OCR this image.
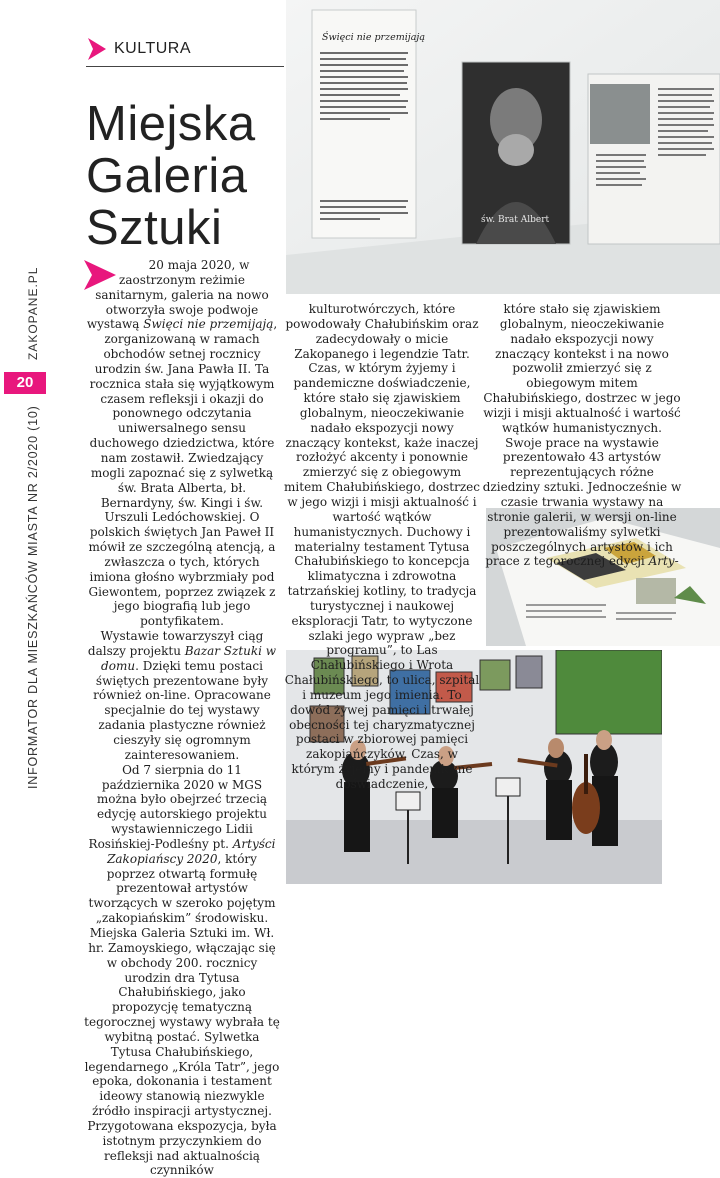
KULTURA
Miejska
Galeria
Sztuki
ZAKOPANE.PL
20
INFORMATOR DLA MIESZKAŃCÓW MIASTA NR 2/2020 (10)
Święci nie przemijają
św. Brat Albert

20 maja 2020, w zaostrzonym reżimie sanitarnym, galeria na nowo otworzyła swoje podwoje wystawą Święci nie przemijają, zorganizowaną w ramach obchodów setnej rocznicy urodzin św. Jana Pawła II. Ta rocznica stała się wyjątkowym czasem refleksji i okazji do ponownego odczytania uniwersalnego sensu duchowego dziedzictwa, które nam zostawił. Zwiedzający mogli zapoznać się z sylwetką św. Brata Alberta, bł. Bernardyny, św. Kingi i św. Urszuli Ledóchowskiej. O polskich świętych Jan Paweł II mówił ze szczególną atencją, a zwłaszcza o tych, których imiona głośno wybrzmiały pod Giewontem, poprzez związek z jego biografią lub jego pontyfikatem.

Wystawie towarzyszył ciąg dalszy projektu Bazar Sztuki w domu. Dzięki temu postaci świętych prezentowane były również on-line. Opracowane specjalnie do tej wystawy zadania plastyczne również cieszyły się ogromnym zainteresowaniem.

Od 7 sierpnia do 11 października 2020 w MGS można było obejrzeć trzecią edycję autorskiego projektu wystawienniczego Lidii Rosińskiej-Podleśny pt. Artyści Zakopiańscy 2020, który poprzez otwartą formułę prezentował artystów tworzących w szeroko pojętym „zakopiańskim” środowisku. Miejska Galeria Sztuki im. Wł. hr. Zamoyskiego, włączając się w obchody 200. rocznicy urodzin dra Tytusa Chałubińskiego, jako propozycję tematyczną tegorocznej wystawy wybrała tę wybitną postać. Sylwetka Tytusa Chałubińskiego, legendarnego „Króla Tatr”, jego epoka, dokonania i testament ideowy stanowią niezwykle źródło inspiracji artystycznej. Przygotowana ekspozycja, była istotnym przyczynkiem do refleksji nad aktualnością czynników

kulturotwórczych, które powodowały Chałubińskim oraz zadecydowały o micie Zakopanego i legendzie Tatr. Czas, w którym żyjemy i pandemiczne doświadczenie, które stało się zjawiskiem globalnym, nieoczekiwanie nadało ekspozycji nowy znaczący kontekst, każe inaczej rozłożyć akcenty i ponownie zmierzyć się z obiegowym mitem Chałubińskiego, dostrzec w jego wizji i misji aktualność i wartość wątków humanistycznych. Duchowy i materialny testament Tytusa Chałubińskiego to koncepcja klimatyczna i zdrowotna tatrzańskiej kotliny, to tradycja turystycznej i naukowej eksploracji Tatr, to wytyczone szlaki jego wypraw „bez programu”, to Las Chałubińskiego i Wrota Chałubińskiego, to ulica, szpital i muzeum jego imienia. To dowód żywej pamięci i trwałej obecności tej charyzmatycznej postaci w zbiorowej pamięci zakopiańczyków. Czas, w którym żyjemy i pandemiczne doświadczenie,

które stało się zjawiskiem globalnym, nieoczekiwanie nadało ekspozycji nowy znaczący kontekst i na nowo pozwolił zmierzyć się z obiegowym mitem Chałubińskiego, dostrzec w jego wizji i misji aktualność i wartość wątków humanistycznych. Swoje prace na wystawie prezentowało 43 artystów reprezentujących różne dziedziny sztuki. Jednocześnie w czasie trwania wystawy na stronie galerii, w wersji on-line prezentowaliśmy sylwetki poszczególnych artystów i ich prace z tegorocznej edycji Arty-
